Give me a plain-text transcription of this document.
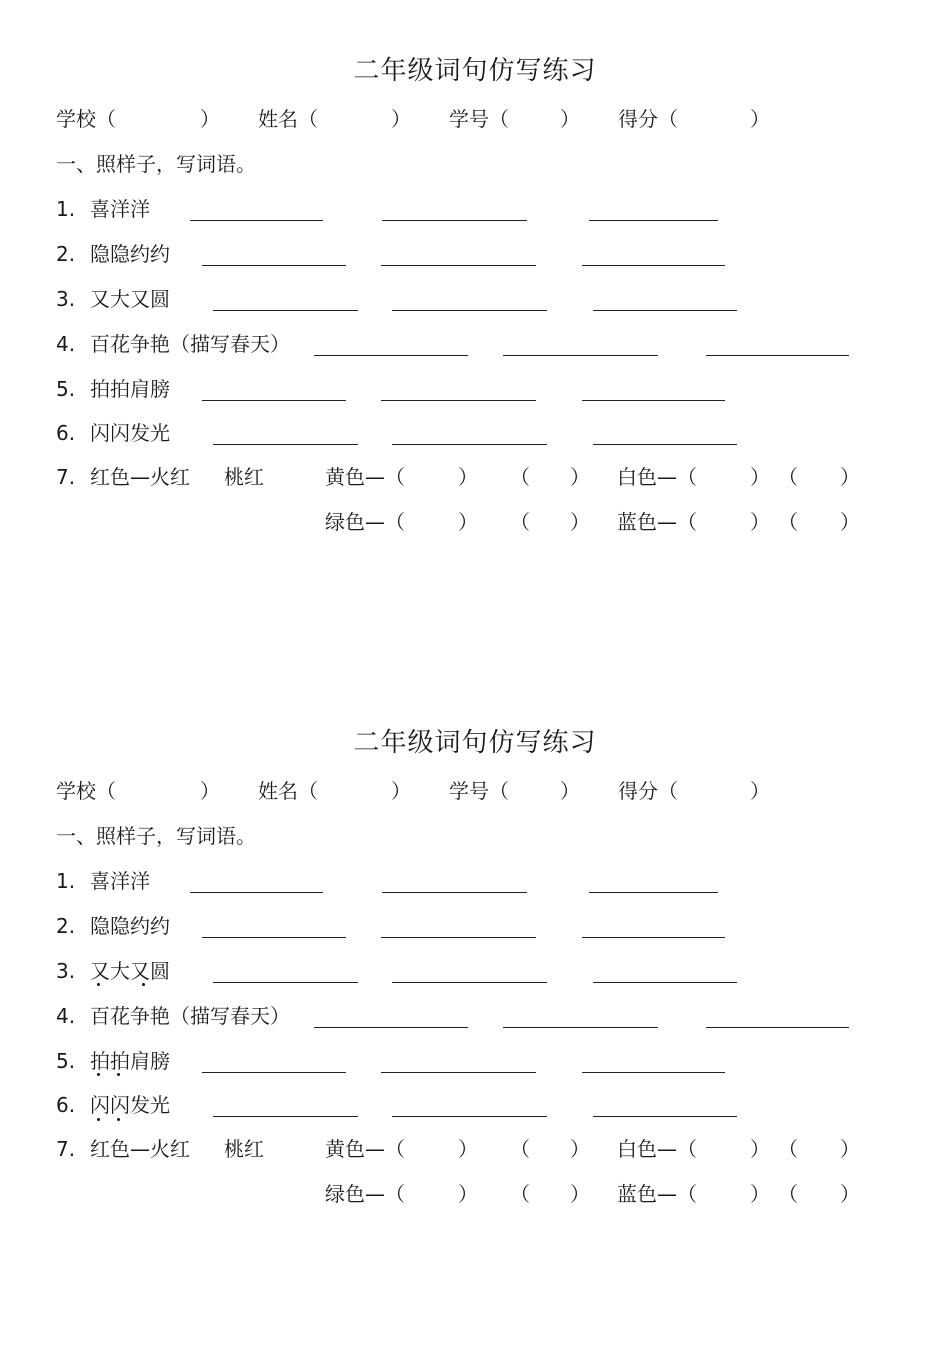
二年级词句仿写练习
学校（	） 姓名（	） 学号（	） 得分（	）
一、照样子，写词语。
1. 喜洋洋
2. 隐隐约约
3. 又大又圆
4. 百花争艳（描写春天）
5. 拍拍肩膀
6. 闪闪发光
7. 红色—火红 桃红	黄色—（	） （ ） 白色—（	） （ ）
绿色—（	） （ ） 蓝色—（	） （ ）
二年级词句仿写练习
学校（	） 姓名（	） 学号（	） 得分（	）
一、照样子，写词语。
1. 喜洋洋
2. 隐隐约约
3. 又大又圆
4. 百花争艳（描写春天）
5. 拍拍肩膀
6. 闪闪发光
7. 红色—火红 桃红	黄色—（	） （ ） 白色—（	） （ ）
绿色—（	） （ ） 蓝色—（	） （ ）
